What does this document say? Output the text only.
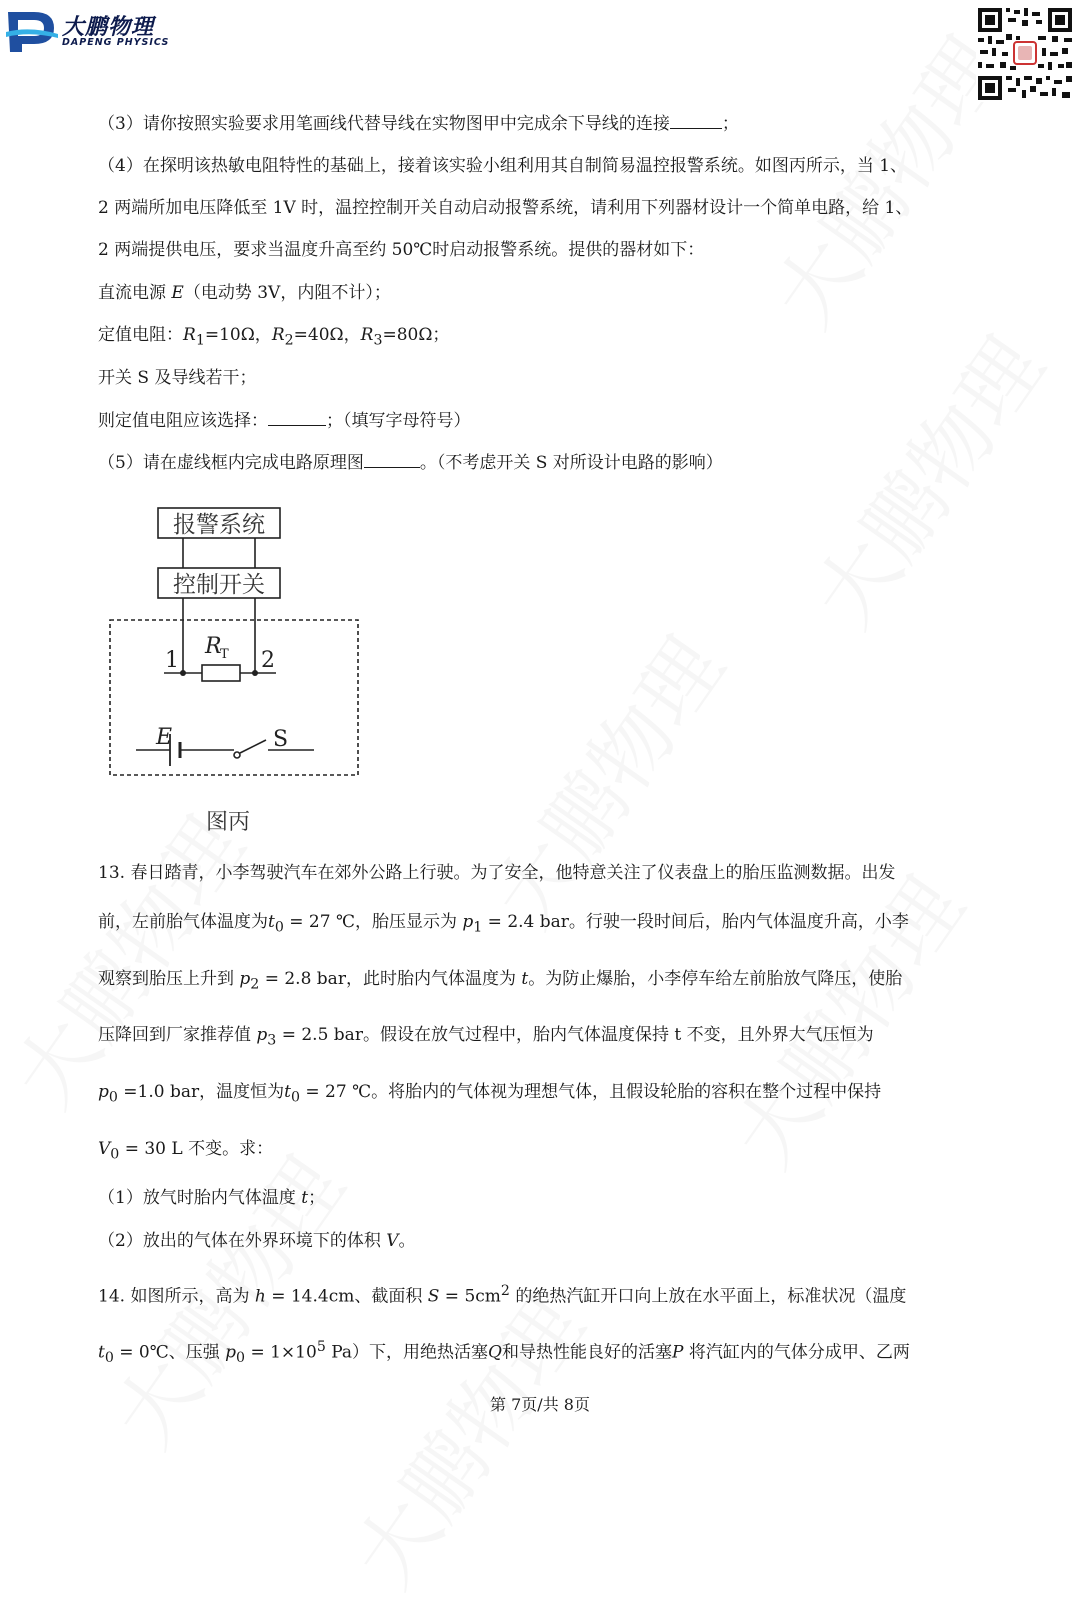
大鹏物理
DAPENG PHYSICS
（3）请你按照实验要求用笔画线代替导线在实物图甲中完成余下导线的连接	；
（4）在探明该热敏电阻特性的基础上，接着该实验小组利用其自制简易温控报警系统。如图丙所示，当 1、
2 两端所加电压降低至 1V 时，温控控制开关自动启动报警系统，请利用下列器材设计一个简单电路，给 1、
2 两端提供电压，要求当温度升高至约 50℃时启动报警系统。提供的器材如下：
直流电源 E（电动势 3V，内阻不计）；
定值电阻：$R_1=10\Omega$，$R_2=40\Omega$，$R_3=80\Omega$；
开关 S 及导线若干；
则定值电阻应该选择：	；（填写字母符号）
（5）请在虚线框内完成电路原理图	。（不考虑开关 S 对所设计电路的影响）
报警系统
控制开关
R
T
1	2
E	S
图丙
13. 春日踏青，小李驾驶汽车在郊外公路上行驶。为了安全，他特意关注了仪表盘上的胎压监测数据。出发
前，左前胎气体温度为$t_0 = 27$ ℃，胎压显示为 $p_1 = 2.4$ bar。行驶一段时间后，胎内气体温度升高，小李
观察到胎压上升到 $p_2 = 2.8$ bar，此时胎内气体温度为 t。为防止爆胎，小李停车给左前胎放气降压，使胎
压降回到厂家推荐值 $p_3 = 2.5$ bar。假设在放气过程中，胎内气体温度保持 t 不变，且外界大气压恒为
$p_0 =1.0$ bar，温度恒为$t_0 = 27$ ℃。将胎内的气体视为理想气体，且假设轮胎的容积在整个过程中保持
$V_0 = 30$ L 不变。求：
（1）放气时胎内气体温度 t；
（2）放出的气体在外界环境下的体积 V。
14. 如图所示，高为 h = 14.4cm、截面积 $S = 5cm^2$ 的绝热汽缸开口向上放在水平面上，标准状况（温度
$t_0$ = 0℃、压强 $p_0 = 1\times 10^5$ Pa）下，用绝热活塞Q和导热性能良好的活塞P 将汽缸内的气体分成甲、乙两
第 7页/共 8页
